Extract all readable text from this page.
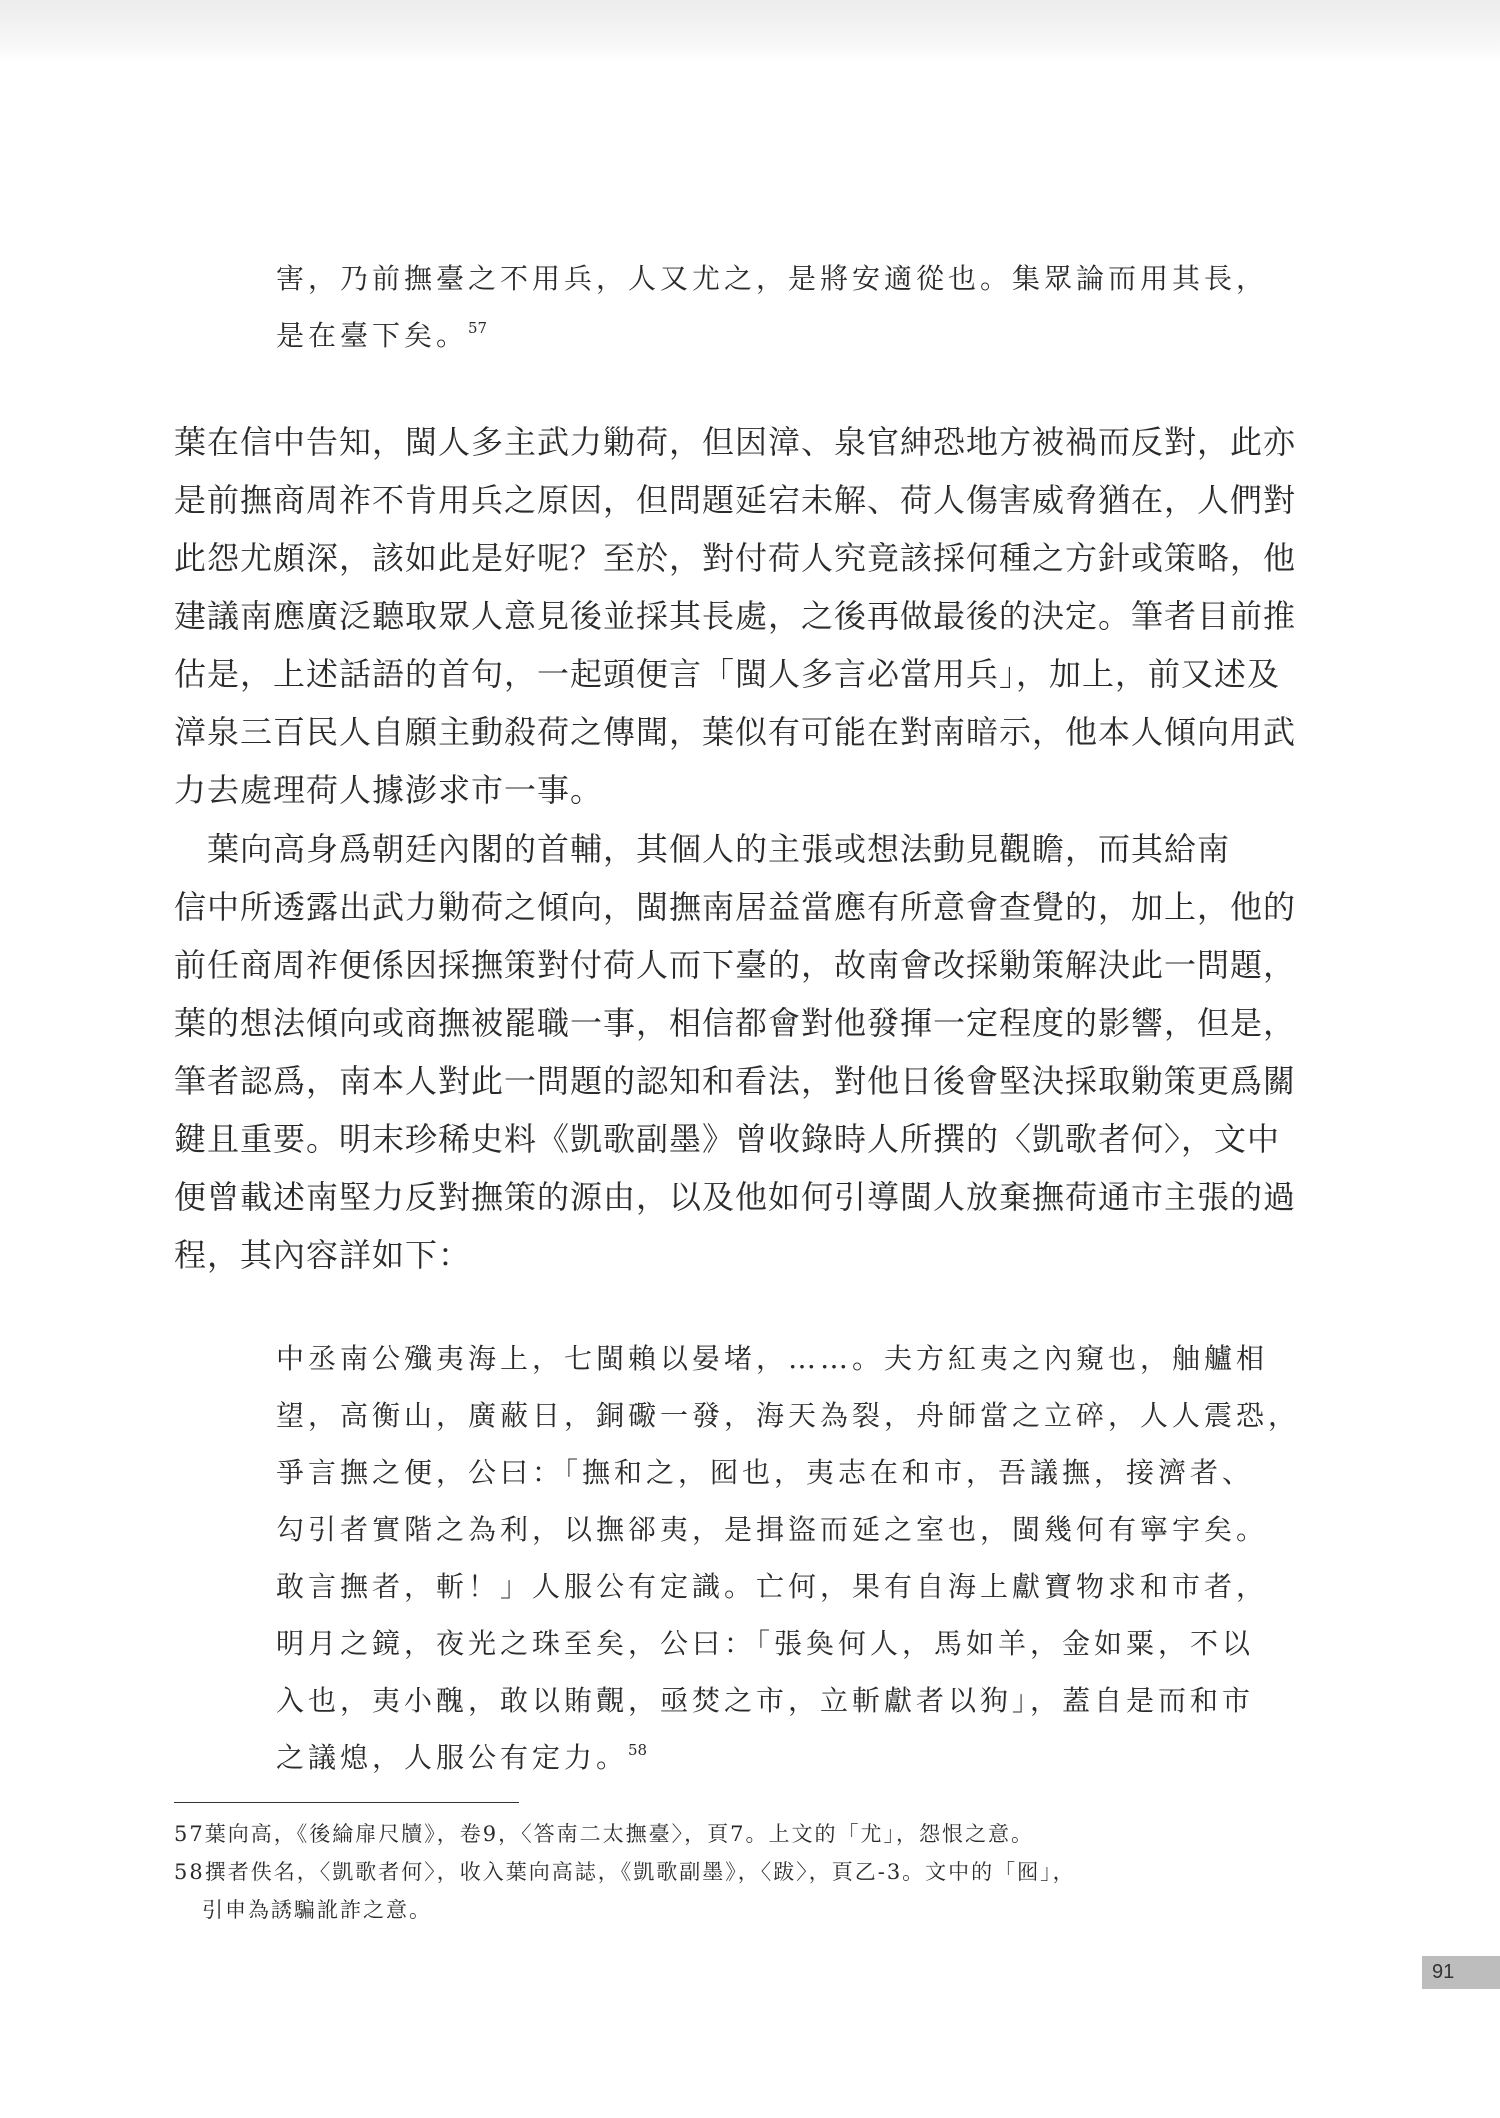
害，乃前撫臺之不用兵，人又尤之，是將安適從也。集眾論而用其長，
是在臺下矣。$^{57}$
葉在信中告知，閩人多主武力勦荷，但因漳、泉官紳恐地方被禍而反對，此亦
是前撫商周祚不肯用兵之原因，但問題延宕未解、荷人傷害威脅猶在，人們對
此怨尤頗深，該如此是好呢？至於，對付荷人究竟該採何種之方針或策略，他
建議南應廣泛聽取眾人意見後並採其長處，之後再做最後的決定。筆者目前推
估是，上述話語的首句，一起頭便言「閩人多言必當用兵」，加上，前又述及
漳泉三百民人自願主動殺荷之傳聞，葉似有可能在對南暗示，他本人傾向用武
力去處理荷人據澎求市一事。
　葉向高身爲朝廷內閣的首輔，其個人的主張或想法動見觀瞻，而其給南
信中所透露出武力勦荷之傾向，閩撫南居益當應有所意會查覺的，加上，他的
前任商周祚便係因採撫策對付荷人而下臺的，故南會改採勦策解決此一問題，
葉的想法傾向或商撫被罷職一事，相信都會對他發揮一定程度的影響，但是，
筆者認爲，南本人對此一問題的認知和看法，對他日後會堅決採取勦策更爲關
鍵且重要。明末珍稀史料《凱歌副墨》曾收錄時人所撰的〈凱歌者何〉，文中
便曾載述南堅力反對撫策的源由，以及他如何引導閩人放棄撫荷通市主張的過
程，其內容詳如下：
中丞南公殲夷海上，七閩賴以晏堵，……。夫方紅夷之內窺也，舳艫相
望，高衡山，廣蔽日，銅礮一發，海天為裂，舟師當之立碎，人人震恐，
爭言撫之便，公曰：「撫和之，囮也，夷志在和市，吾議撫，接濟者、
勾引者實階之為利，以撫郤夷，是揖盜而延之室也，閩幾何有寧宇矣。
敢言撫者，斬！」人服公有定識。亡何，果有自海上獻寶物求和市者，
明月之鏡，夜光之珠至矣，公曰：「張奐何人，馬如羊，金如粟，不以
入也，夷小醜，敢以賄覿，亟焚之市，立斬獻者以狗」，蓋自是而和市
之議熄，人服公有定力。$^{58}$
57葉向高，《後綸扉尺牘》，卷9，〈答南二太撫臺〉，頁7。上文的「尤」，怨恨之意。
58撰者佚名，〈凱歌者何〉，收入葉向高誌，《凱歌副墨》，〈跋〉，頁乙-3。文中的「囮」，
引申為誘騙訛詐之意。
91
